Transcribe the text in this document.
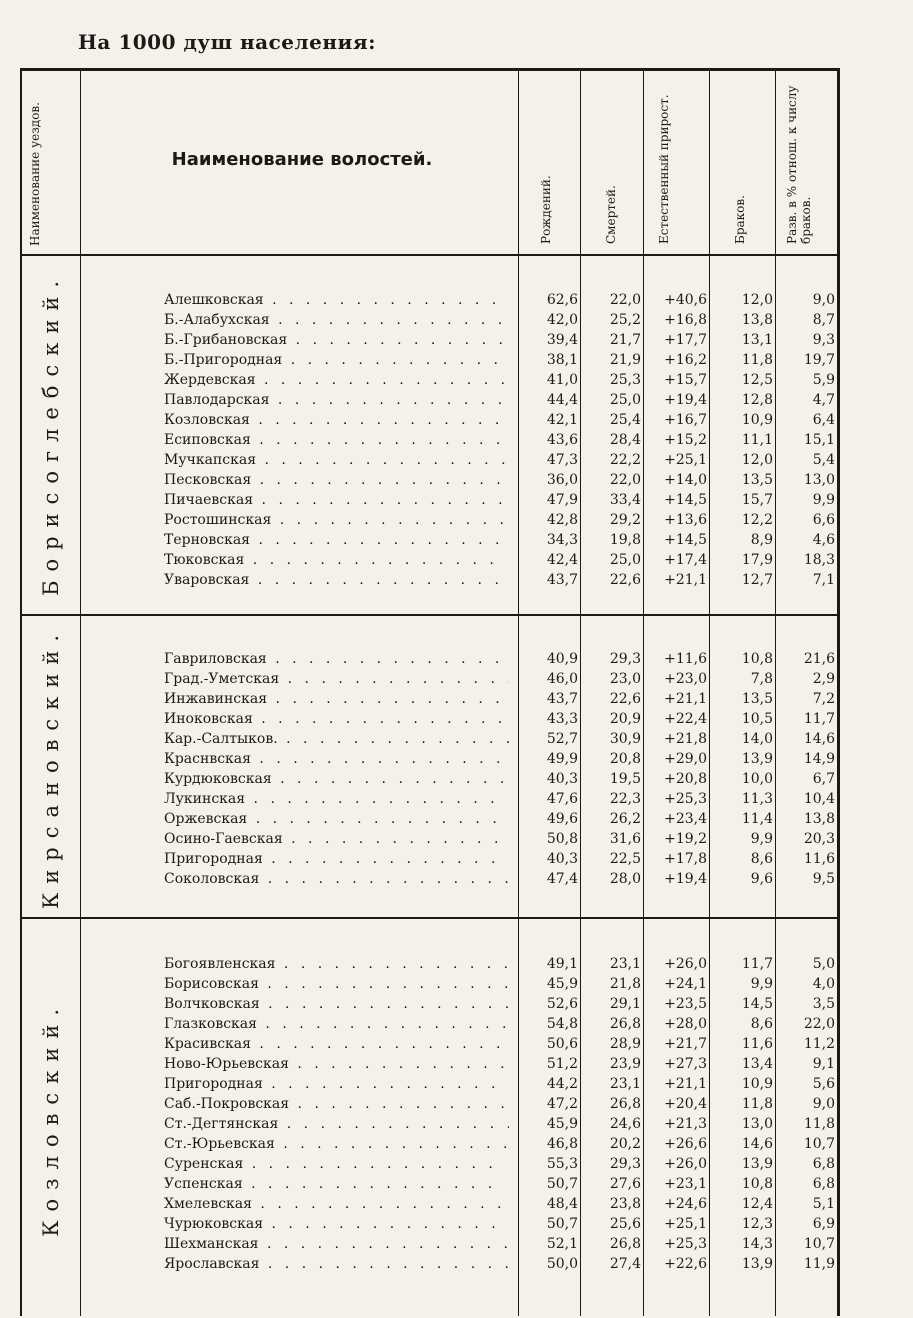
На 1000 душ населения:
Наименование уездов.	Наименование волостей.
Рождений.	Смертей.	Естественный прирост.	Браков.	Разв. в % отнош. к числу браков.
Борисоглебский.	Алешковская . .	62,6	22,0	+40,6	12,0	9,0
Б.-Алабухская . .	42,0	25,2	+16,8	13,8	8,7
Б.-Грибановская . .	39,4	21,7	+17,7	13,1	9,3
Б.-Пригородная . .	38,1	21,9	+16,2	11,8	19,7
Жердевская . .	41,0	25,3	+15,7	12,5	5,9
Павлодарская . .	44,4	25,0	+19,4	12,8	4,7
Козловская . .	42,1	25,4	+16,7	10,9	6,4
Есиповская . .	43,6	28,4	+15,2	11,1	15,1
Мучкапская . .	47,3	22,2	+25,1	12,0	5,4
Песковская . .	36,0	22,0	+14,0	13,5	13,0
Пичаевская . .	47,9	33,4	+14,5	15,7	9,9
Ростошинская . .	42,8	29,2	+13,6	12,2	6,6
Терновская . .	34,3	19,8	+14,5	8,9	4,6
Тюковская . .	42,4	25,0	+17,4	17,9	18,3
Уваровская . .	43,7	22,6	+21,1	12,7	7,1
Кирсановский.	Гавриловская . .	40,9	29,3	+11,6	10,8	21,6
Град.-Уметская . .	46,0	23,0	+23,0	7,8	2,9
Инжавинская . .	43,7	22,6	+21,1	13,5	7,2
Иноковская . .	43,3	20,9	+22,4	10,5	11,7
Кар.-Салтыков. . .	52,7	30,9	+21,8	14,0	14,6
Краснвская . .	49,9	20,8	+29,0	13,9	14,9
Курдюковская . .	40,3	19,5	+20,8	10,0	6,7
Лукинская . .	47,6	22,3	+25,3	11,3	10,4
Оржевская . .	49,6	26,2	+23,4	11,4	13,8
Осино-Гаевская . .	50,8	31,6	+19,2	9,9	20,3
Пригородная . .	40,3	22,5	+17,8	8,6	11,6
Соколовская . .	47,4	28,0	+19,4	9,6	9,5
Козловский.
Богоявленская . .	49,1	23,1	+26,0	11,7	5,0
Борисовская . .	45,9	21,8	+24,1	9,9	4,0
Волчковская . .	52,6	29,1	+23,5	14,5	3,5
Глазковская . .	54,8	26,8	+28,0	8,6	22,0
Красивская . .	50,6	28,9	+21,7	11,6	11,2
Ново-Юрьевская . .	51,2	23,9	+27,3	13,4	9,1
Пригородная . .	44,2	23,1	+21,1	10,9	5,6
Саб.-Покровская . .	47,2	26,8	+20,4	11,8	9,0
Ст.-Дегтянская . .	45,9	24,6	+21,3	13,0	11,8
Ст.-Юрьевская . .	46,8	20,2	+26,6	14,6	10,7
Суренская . .	55,3	29,3	+26,0	13,9	6,8
Успенская . .	50,7	27,6	+23,1	10,8	6,8
Хмелевская . .	48,4	23,8	+24,6	12,4	5,1
Чурюковская . .	50,7	25,6	+25,1	12,3	6,9
Шехманская . .	52,1	26,8	+25,3	14,3	10,7
Ярославская . .	50,0	27,4	+22,6	13,9	11,9
